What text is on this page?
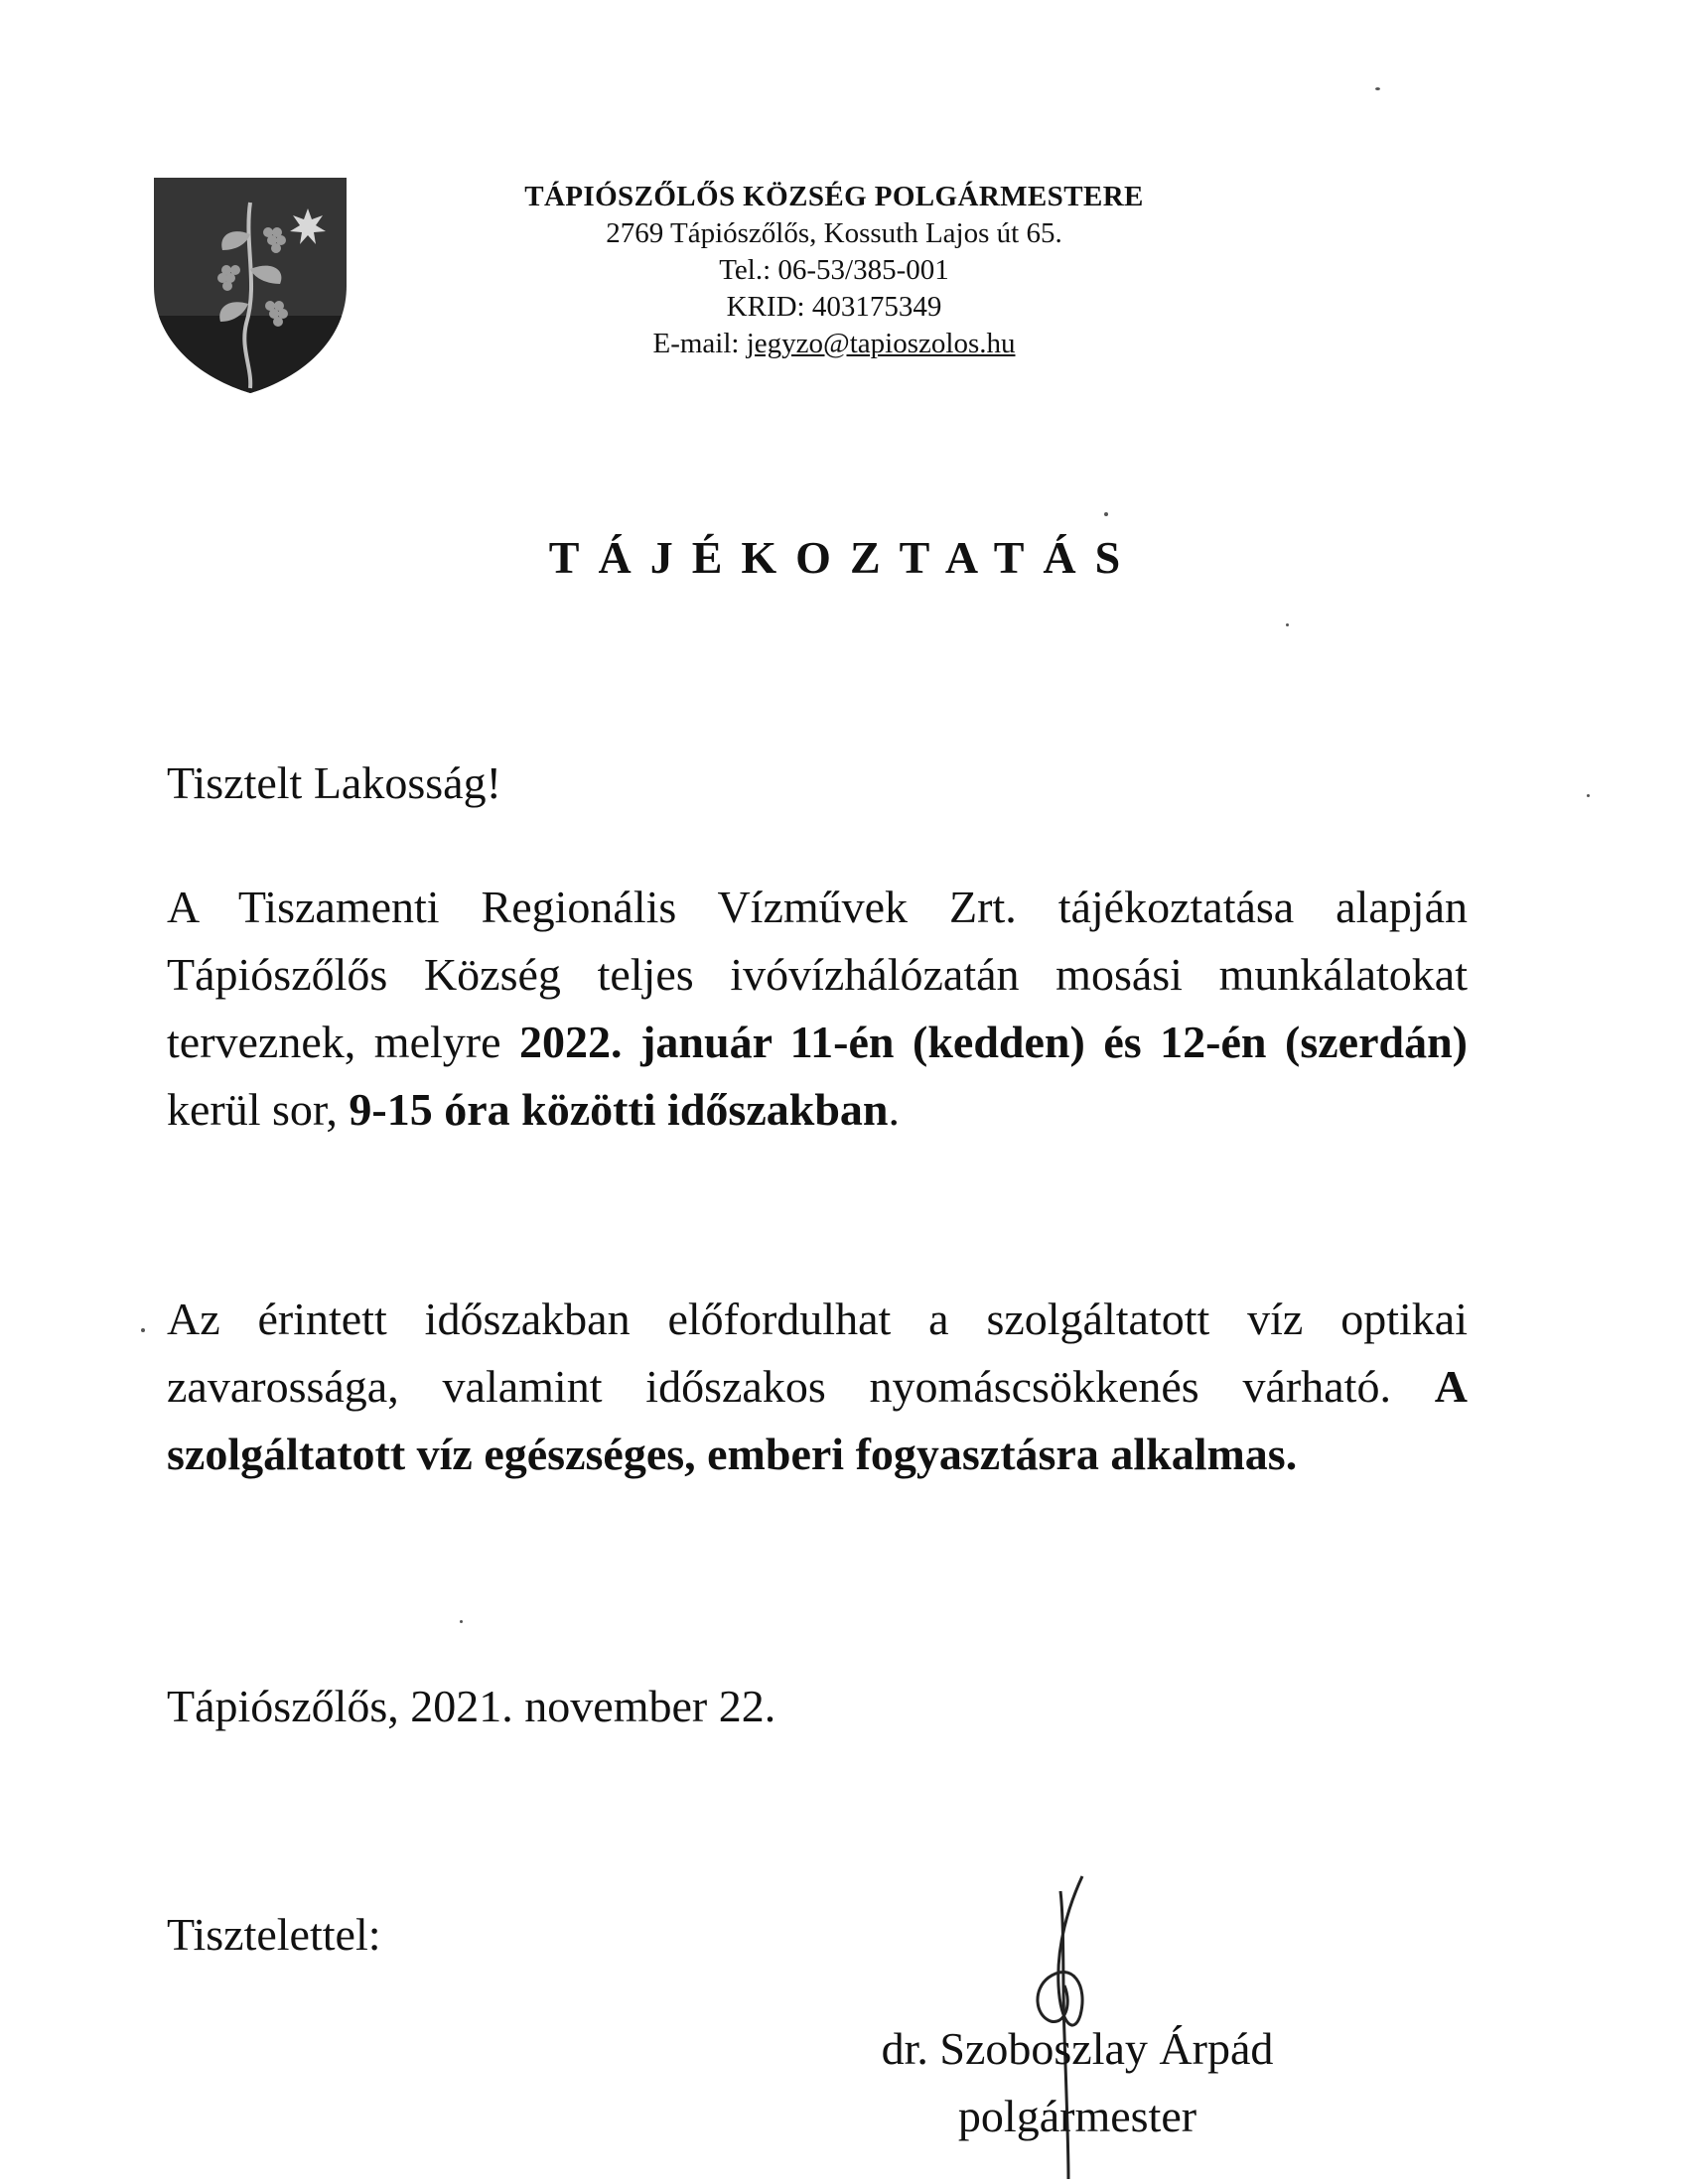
TÁPIÓSZŐLŐS KÖZSÉG POLGÁRMESTERE
2769 Tápiószőlős, Kossuth Lajos út 65.
Tel.: 06-53/385-001
KRID: 403175349
E-mail: jegyzo@tapioszolos.hu
TÁJÉKOZTATÁS
Tisztelt Lakosság!
A Tiszamenti Regionális Vízművek Zrt. tájékoztatása alapján Tápiószőlős Község teljes ivóvízhálózatán mosási munkálatokat terveznek, melyre 2022. január 11-én (kedden) és 12-én (szerdán) kerül sor, 9-15 óra közötti időszakban.
Az érintett időszakban előfordulhat a szolgáltatott víz optikai zavarossága, valamint időszakos nyomáscsökkenés várható. A szolgáltatott víz egészséges, emberi fogyasztásra alkalmas.
Tápiószőlős, 2021. november 22.
Tisztelettel:
dr. Szoboszlay Árpád
polgármester
